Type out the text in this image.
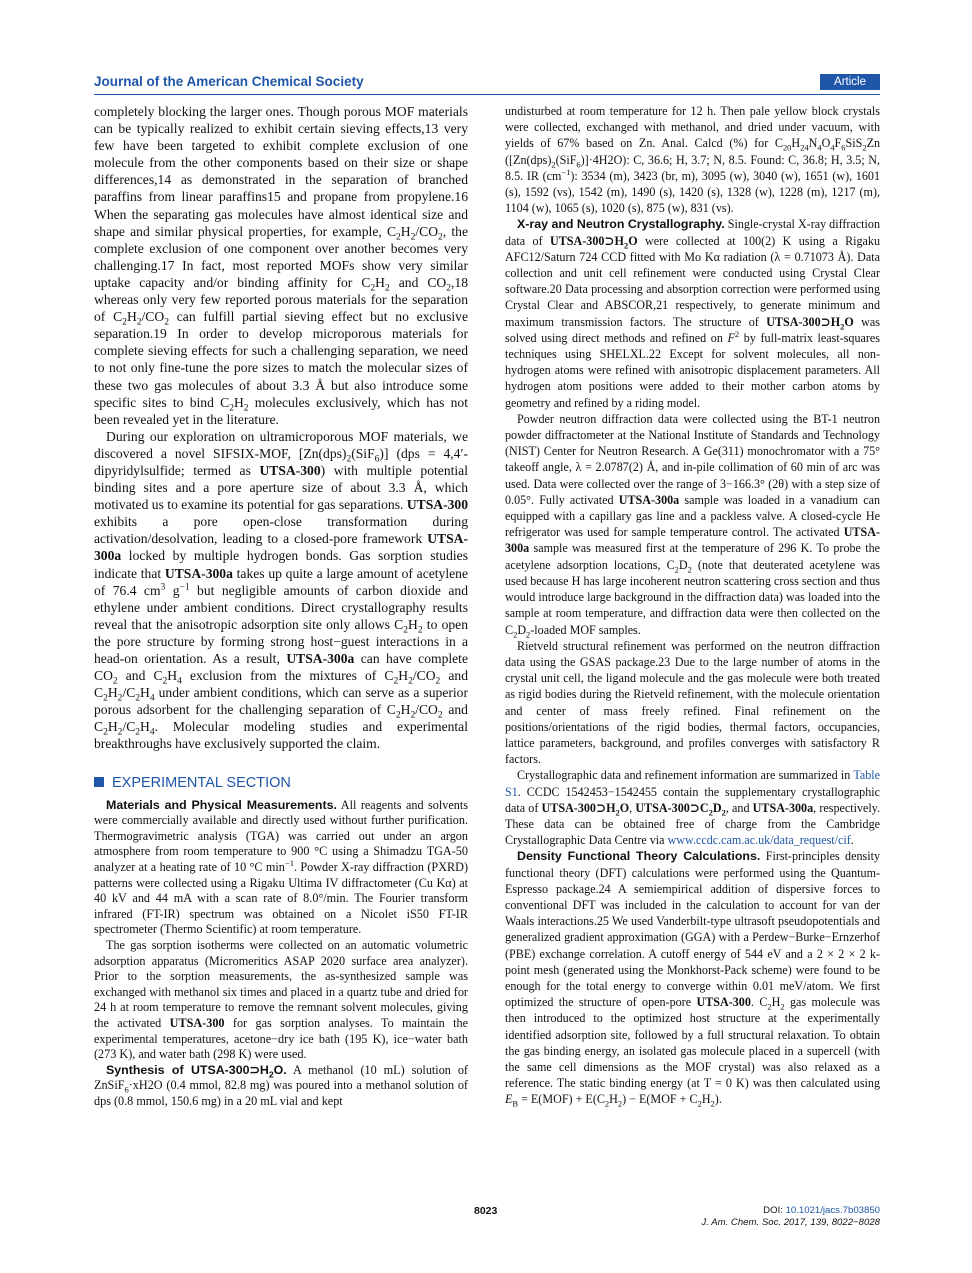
Journal of the American Chemical Society	Article

completely blocking the larger ones. Though porous MOF materials can be typically realized to exhibit certain sieving effects,13 very few have been targeted to exhibit complete exclusion of one molecule from the other components based on their size or shape differences,14 as demonstrated in the separation of branched paraffins from linear paraffins15 and propane from propylene.16 When the separating gas molecules have almost identical size and shape and similar physical properties, for example, $C_2H_2/CO_2$, the complete exclusion of one component over another becomes very challenging.17 In fact, most reported MOFs show very similar uptake capacity and/or binding affinity for $C_2H_2$ and $CO_2,18$ whereas only very few reported porous materials for the separation of $C_2H_2/CO_2$ can fulfill partial sieving effect but no exclusive separation.19 In order to develop microporous materials for complete sieving effects for such a challenging separation, we need to not only fine-tune the pore sizes to match the molecular sizes of these two gas molecules of about 3.3 Å but also introduce some specific sites to bind $C_2H_2$ molecules exclusively, which has not been revealed yet in the literature.

During our exploration on ultramicroporous MOF materials, we discovered a novel SIFSIX-MOF, $[Zn(dps)_2(SiF_6)] (dps$ = 4,4′-dipyridylsulfide; termed as UTSA-300) with multiple potential binding sites and a pore aperture size of about 3.3 Å, which motivated us to examine its potential for gas separations. UTSA-300 exhibits a pore open-close transformation during activation/desolvation, leading to a closed-pore framework UTSA-300a locked by multiple hydrogen bonds. Gas sorption studies indicate that UTSA-300a takes up quite a large amount of acetylene of 76.4 $cm^3$ $g^{-1}$ but negligible amounts of carbon dioxide and ethylene under ambient conditions. Direct crystallography results reveal that the anisotropic adsorption site only allows $C_2H_2$ to open the pore structure by forming strong host−guest interactions in a head-on orientation. As a result, UTSA-300a can have complete $CO_2$ and $C_2H_4$ exclusion from the mixtures of $C_2H_2/CO_2$ and $C_2H_2/C_2H_4$ under ambient conditions, which can serve as a superior porous adsorbent for the challenging separation of $C_2H_2/CO_2$ and $C_2H_2/C_2H_4$. Molecular modeling studies and experimental breakthroughs have exclusively supported the claim.

EXPERIMENTAL SECTION

Materials and Physical Measurements. All reagents and solvents were commercially available and directly used without further purification. Thermogravimetric analysis (TGA) was carried out under an argon atmosphere from room temperature to 900 °C using a Shimadzu TGA-50 analyzer at a heating rate of 10 °C $\min^{-1}$. Powder X-ray diffraction (PXRD) patterns were collected using a Rigaku Ultima IV diffractometer (Cu Kα) at 40 kV and 44 mA with a scan rate of 8.0°/min. The Fourier transform infrared (FT-IR) spectrum was obtained on a Nicolet iS50 FT-IR spectrometer (Thermo Scientific) at room temperature.

The gas sorption isotherms were collected on an automatic volumetric adsorption apparatus (Micromeritics ASAP 2020 surface area analyzer). Prior to the sorption measurements, the as-synthesized sample was exchanged with methanol six times and placed in a quartz tube and dried for 24 h at room temperature to remove the remnant solvent molecules, giving the activated UTSA-300 for gas sorption analyses. To maintain the experimental temperatures, acetone−dry ice bath (195 K), ice−water bath (273 K), and water bath (298 K) were used.

Synthesis of UTSA-$300⊃H_2O$. A methanol (10 mL) solution of ZnSiF$_6$·xH2O (0.4 mmol, 82.8 mg) was poured into a methanol solution of dps (0.8 mmol, 150.6 mg) in a 20 mL vial and kept

undisturbed at room temperature for 12 h. Then pale yellow block crystals were collected, exchanged with methanol, and dried under vacuum, with yields of 67% based on Zn. Anal. Calcd (%) for $C_{20}H_{24}N_4O_4F_6SiS_2Zn$ $([Zn(dps)_2(SiF_6)]\cdot 4H2O)$: C, 36.6; H, 3.7; N, 8.5. Found: C, 36.8; H, 3.5; N, 8.5. IR $(cm^{-1})$: 3534 (m), 3423 (br, m), 3095 (w), 3040 (w), 1651 (w), 1601 (s), 1592 (vs), 1542 (m), 1490 (s), 1420 (s), 1328 (w), 1228 (m), 1217 (m), 1104 (w), 1065 (s), 1020 (s), 875 (w), 831 (vs).

X-ray and Neutron Crystallography. Single-crystal X-ray diffraction data of UTSA-$300⊃H_2O$ were collected at 100(2) K using a Rigaku AFC12/Saturn 724 CCD fitted with Mo Kα radiation (λ = 0.71073 Å). Data collection and unit cell refinement were conducted using Crystal Clear software.20 Data processing and absorption correction were performed using Crystal Clear and ABSCOR,21 respectively, to generate minimum and maximum transmission factors. The structure of UTSA-$300⊃H_2O$ was solved using direct methods and refined on $F^2$ by full-matrix least-squares techniques using SHELXL.22 Except for solvent molecules, all non-hydrogen atoms were refined with anisotropic displacement parameters. All hydrogen atom positions were added to their mother carbon atoms by geometry and refined by a riding model.

Powder neutron diffraction data were collected using the BT-1 neutron powder diffractometer at the National Institute of Standards and Technology (NIST) Center for Neutron Research. A Ge(311) monochromator with a 75° takeoff angle, λ = 2.0787(2) Å, and in-pile collimation of 60 min of arc was used. Data were collected over the range of 3−166.3° (2θ) with a step size of 0.05°. Fully activated UTSA-300a sample was loaded in a vanadium can equipped with a capillary gas line and a packless valve. A closed-cycle He refrigerator was used for sample temperature control. The activated UTSA-300a sample was measured first at the temperature of 296 K. To probe the acetylene adsorption locations, $C_2D_2$ (note that deuterated acetylene was used because H has large incoherent neutron scattering cross section and thus would introduce large background in the diffraction data) was loaded into the sample at room temperature, and diffraction data were then collected on the $C_2D_2$-loaded MOF samples.

Rietveld structural refinement was performed on the neutron diffraction data using the GSAS package.23 Due to the large number of atoms in the crystal unit cell, the ligand molecule and the gas molecule were both treated as rigid bodies during the Rietveld refinement, with the molecule orientation and center of mass freely refined. Final refinement on the positions/orientations of the rigid bodies, thermal factors, occupancies, lattice parameters, background, and profiles converges with satisfactory R factors.

Crystallographic data and refinement information are summarized in Table S1. CCDC 1542453−1542455 contain the supplementary crystallographic data of UTSA-$300⊃H_2O$, UTSA-$300⊃C_2D_2$, and UTSA-300a, respectively. These data can be obtained free of charge from the Cambridge Crystallographic Data Centre via www.ccdc.cam.ac.uk/data_request/cif.

Density Functional Theory Calculations. First-principles density functional theory (DFT) calculations were performed using the Quantum-Espresso package.24 A semiempirical addition of dispersive forces to conventional DFT was included in the calculation to account for van der Waals interactions.25 We used Vanderbilt-type ultrasoft pseudopotentials and generalized gradient approximation (GGA) with a Perdew−Burke−Ernzerhof (PBE) exchange correlation. A cutoff energy of 544 eV and a 2 × 2 × 2 k-point mesh (generated using the Monkhorst-Pack scheme) were found to be enough for the total energy to converge within 0.01 meV/atom. We first optimized the structure of open-pore UTSA-300. $C_2H_2$ gas molecule was then introduced to the optimized host structure at the experimentally identified adsorption site, followed by a full structural relaxation. To obtain the gas binding energy, an isolated gas molecule placed in a supercell (with the same cell dimensions as the MOF crystal) was also relaxed as a reference. The static binding energy (at T = 0 K) was then calculated using $E_B = E(MOF) + E(C_2H_2) - E(MOF + C_2H_2)$.

8023	DOI: 10.1021/jacs.7b03850
J. Am. Chem. Soc. 2017, 139, 8022−8028
